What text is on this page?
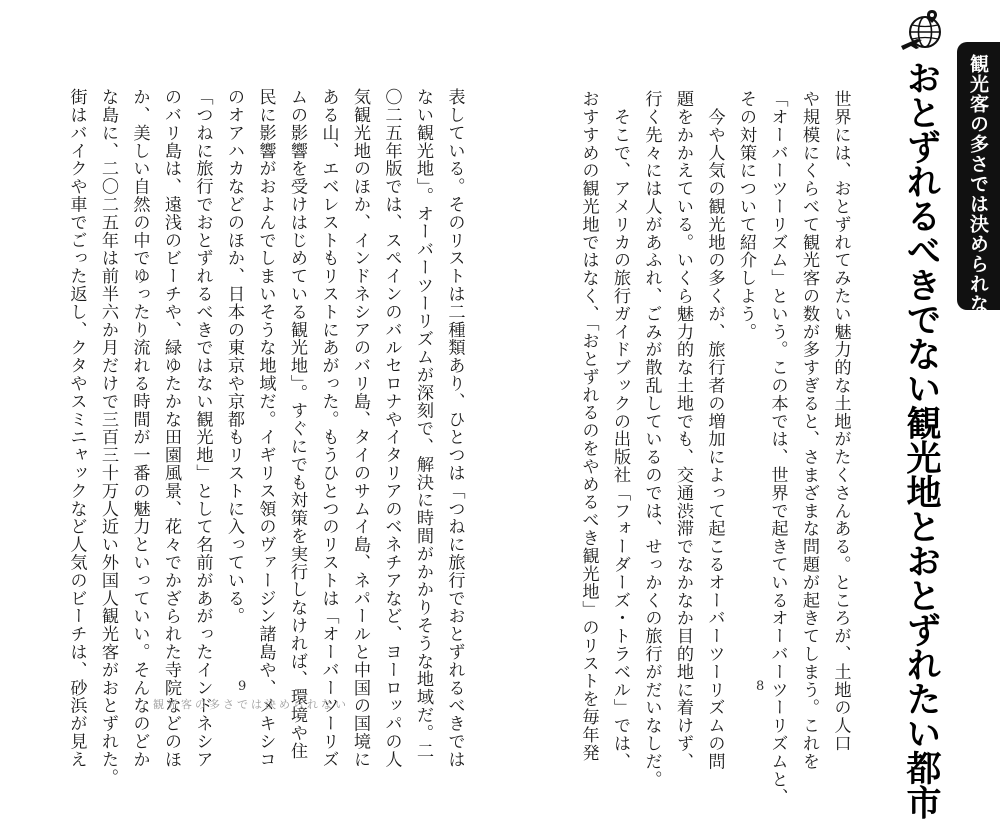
観光客の多さでは決められない
おとずれるべきでない観光地とおとずれたい都市
世界には、おとずれてみたい魅力的な土地がたくさんある。ところが、土地の人口
や規模にくらべて観光客の数が多すぎると、さまざまな問題が起きてしまう。これを
「オーバーツーリズム」という。この本では、世界で起きているオーバーツーリズムと、
その対策について紹介しよう。
　今や人気の観光地の多くが、旅行者の増加によって起こるオーバーツーリズムの問
題をかかえている。いくら魅力的な土地でも、交通渋滞でなかなか目的地に着けず、
行く先々には人があふれ、ごみが散乱しているのでは、せっかくの旅行がだいなしだ。
　そこで、アメリカの旅行ガイドブックの出版社「フォーダーズ・トラベル」では、
おすすめの観光地ではなく、「おとずれるのをやめるべき観光地」のリストを毎年発	8
表している。そのリストは二種類あり、ひとつは「つねに旅行でおとずれるべきでは
ない観光地」。オーバーツーリズムが深刻で、解決に時間がかかりそうな地域だ。二
〇二五年版では、スペインのバルセロナやイタリアのベネチアなど、ヨーロッパの人
気観光地のほか、インドネシアのバリ島、タイのサムイ島、ネパールと中国の国境に
ある山、エベレストもリストにあがった。もうひとつのリストは「オーバーツーリズ
ムの影響を受けはじめている観光地」。すぐにでも対策を実行しなければ、環境や住
民に影響がおよんでしまいそうな地域だ。イギリス領のヴァージン諸島や、メキシコ
のオアハカなどのほか、日本の東京や京都もリストに入っている。
「つねに旅行でおとずれるべきではない観光地」として名前があがったインドネシア
のバリ島は、遠浅のビーチや、緑ゆたかな田園風景、花々でかざられた寺院などのほ
か、美しい自然の中でゆったり流れる時間が一番の魅力といっていい。そんなのどか
な島に、二〇二五年は前半六か月だけで三百三十万人近い外国人観光客がおとずれた。
街はバイクや車でごった返し、クタやスミニャックなど人気のビーチは、砂浜が見え	9
観光客の多さでは決められない
